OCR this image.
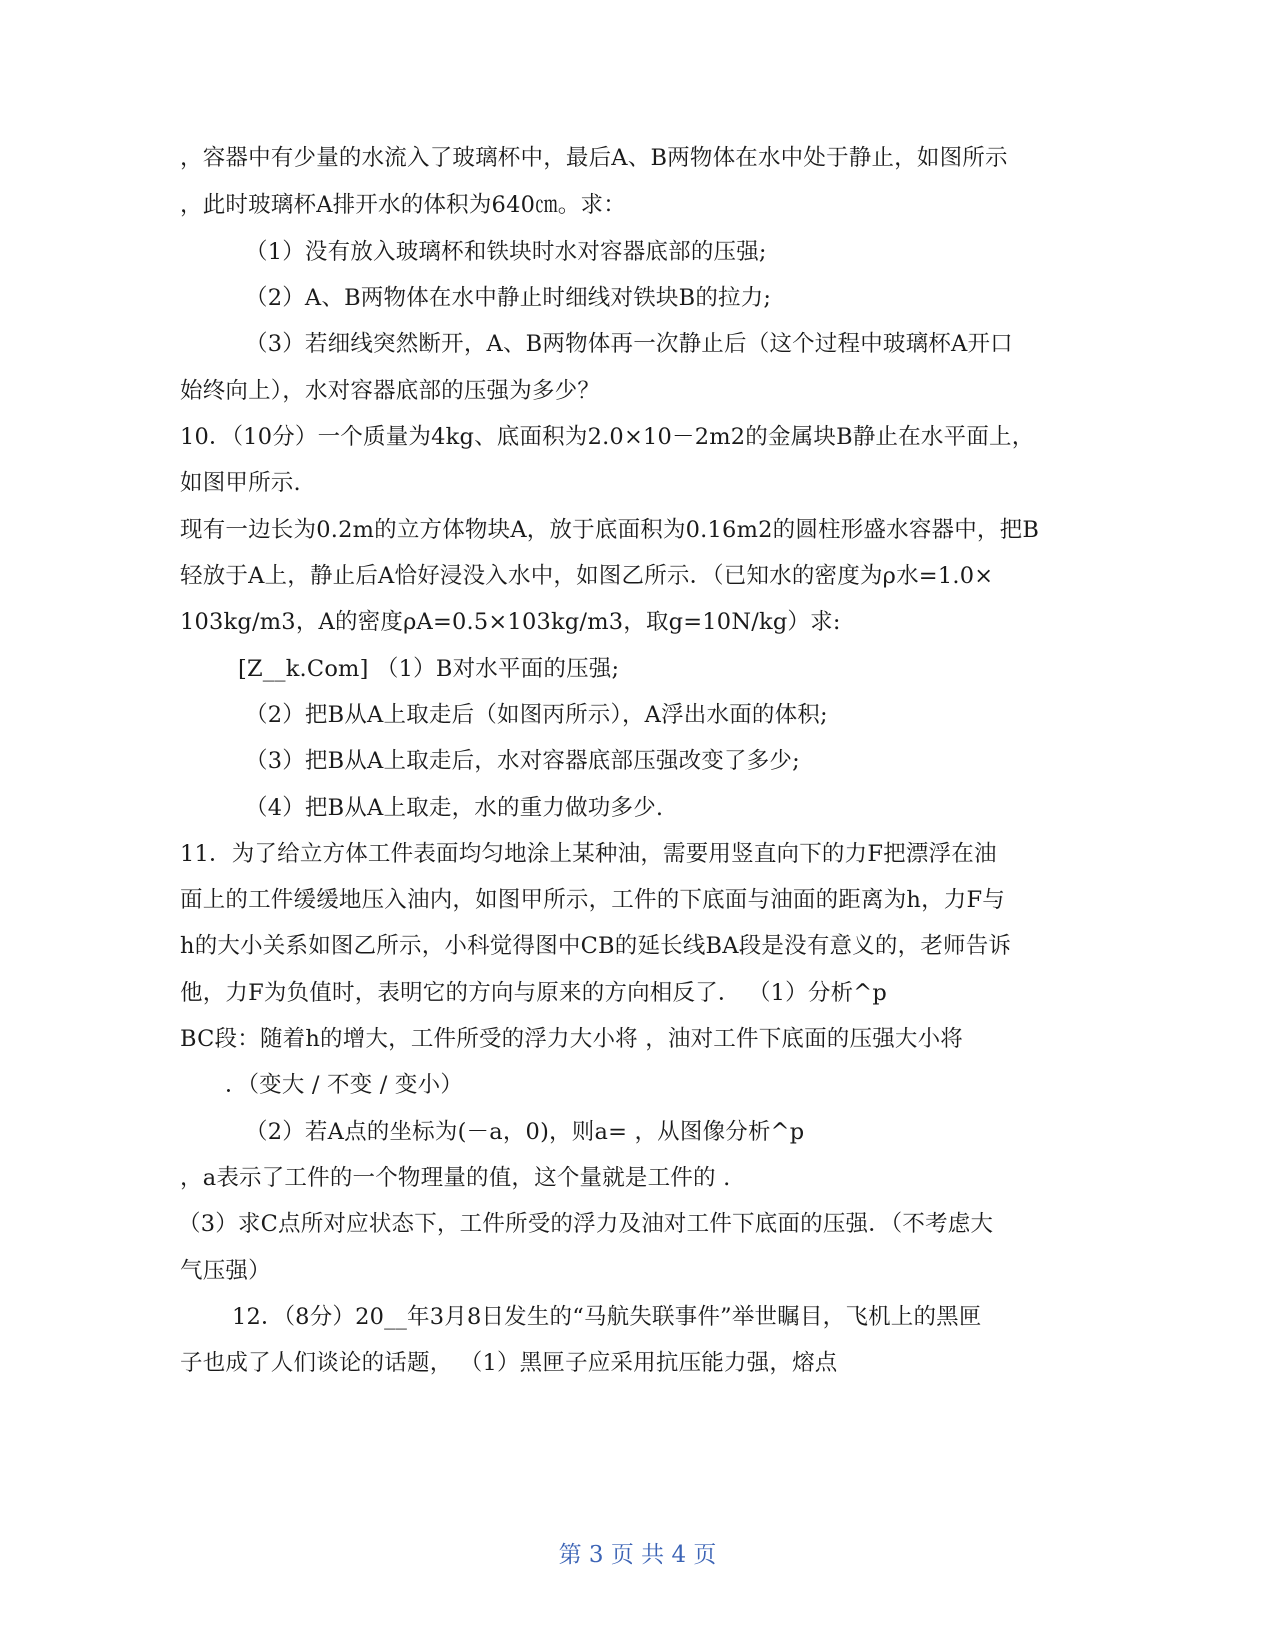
，容器中有少量的水流入了玻璃杯中，最后A、B两物体在水中处于静止，如图所示
，此时玻璃杯A排开水的体积为640㎝。求：
（1）没有放入玻璃杯和铁块时水对容器底部的压强;
（2）A、B两物体在水中静止时细线对铁块B的拉力;
（3）若细线突然断开，A、B两物体再一次静止后（这个过程中玻璃杯A开口
始终向上），水对容器底部的压强为多少？
10．（10分）一个质量为4kg、底面积为2.0×10－2m2的金属块B静止在水平面上，
如图甲所示.
现有一边长为0.2m的立方体物块A，放于底面积为0.16m2的圆柱形盛水容器中，把B
轻放于A上，静止后A恰好浸没入水中，如图乙所示．（已知水的密度为ρ水=1.0×
103kg/m3，A的密度ρA=0.5×103kg/m3，取g=10N/kg）求:
[Z__k.Com] （1）B对水平面的压强;
（2）把B从A上取走后（如图丙所示），A浮出水面的体积;
（3）把B从A上取走后，水对容器底部压强改变了多少;
（4）把B从A上取走，水的重力做功多少.
11．为了给立方体工件表面均匀地涂上某种油，需要用竖直向下的力F把漂浮在油
面上的工件缓缓地压入油内，如图甲所示，工件的下底面与油面的距离为h，力F与
h的大小关系如图乙所示，小科觉得图中CB的延长线BA段是没有意义的，老师告诉
他，力F为负值时，表明它的方向与原来的方向相反了． （1）分析^p
BC段：随着h的增大，工件所受的浮力大小将 ，油对工件下底面的压强大小将
．（变大 / 不变 / 变小）
（2）若A点的坐标为(－a，0)，则a= ，从图像分析^p
，a表示了工件的一个物理量的值，这个量就是工件的 .
（3）求C点所对应状态下，工件所受的浮力及油对工件下底面的压强．（不考虑大
气压强）
12．（8分）20__年3月8日发生的“马航失联事件”举世瞩目，飞机上的黑匣
子也成了人们谈论的话题， （1）黑匣子应采用抗压能力强，熔点
第 3 页 共 4 页
